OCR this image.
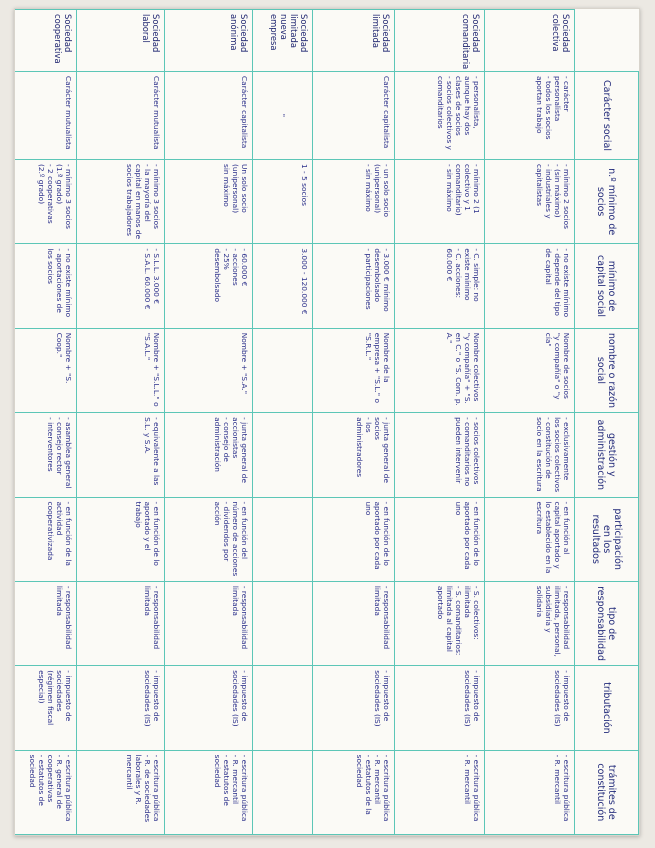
	Carácter social	n.º mínimo de socios	mínimo de capital social	nombre o razón social	gestión y administración	participación en los resultados	tipo de responsabilidad	tributación	trámites de constitución
Sociedad colectiva	- carácter personalista
- todos los socios aportan trabajo	- mínimo 2 socios
- (sin máximo)
- industriales y capitalistas	- no existe mínimo
- depende del tipo de capital	Nombre de socios "y compañía" o "y cía"	- exclusivamente los socios colectivos
- constitución de socio en la escritura	- en función al capital aportado y lo establecido en la escritura	- responsabilidad ilimitada, personal, subsidiaria y solidaria	- impuesto de sociedades (IS)	- escritura pública
- R. mercantil
Sociedad comanditaria	- personalista, aunque hay dos clases de socios
- socios colectivos y comanditarios	- mínimo 2 (1 colectivo y 1 comanditario)
- sin máximo	- C. simple: no existe mínimo
- C. acciones: 60.000 €	Nombre colectivos "y compañía" + "S. en C." o "S. Com. p. A."	- socios colectivos
- comanditarios no pueden intervenir	- en función de lo aportado por cada uno	- S. colectivos: ilimitada
- S. comanditarios: limitada al capital aportado	- impuesto de sociedades (IS)	- escritura pública
- R. mercantil
Sociedad limitada	Carácter capitalista	- un solo socio (unipersonal)
- sin máximo	- 3.000 € mínimo desembolsado
- participaciones	Nombre de la empresa + "S.L." o "S.R.L."	- junta general de socios
- los administradores	- en función de lo aportado por cada uno	- responsabilidad limitada	- impuesto de sociedades (IS)	- escritura pública
- R. mercantil
- estatutos de la sociedad
Sociedad limitada nueva empresa	"	1 - 5 socios	3.000 - 120.000 €						
Sociedad anónima	Carácter capitalista	Un solo socio (unipersonal)
sin máximo	- 60.000 €
- acciones
- 25% desembolsado	Nombre + "S.A."	- junta general de accionistas
- consejo de administración	- en función del número de acciones
- dividendos por acción	- responsabilidad limitada	- impuesto de sociedades (IS)	- escritura pública
- R. mercantil
- estatutos de sociedad
Sociedad laboral	Carácter mutualista	- mínimo 3 socios
- la mayoría del capital en manos de socios trabajadores	- S.L.L. 3.000 €
- S.A.L. 60.000 €	Nombre + "S.L.L." o "S.A.L."	- equivalente a las S.L. y S.A.	- en función de lo aportado y el trabajo	- responsabilidad limitada	- impuesto de sociedades (IS)	- escritura pública
- R. de sociedades laborales y R. mercantil
Sociedad cooperativa	Carácter mutualista	- mínimo 3 socios (1.ª grado)
- 2 cooperativas (2.º grado)	- no existe mínimo
- aportaciones de los socios	Nombre + "S. Coop."	- asamblea general
- consejo rector
- interventores	- en función de la actividad cooperativizada	- responsabilidad limitada	- impuesto de sociedades (régimen fiscal especial)	- escritura pública
- R. general de cooperativas
- estatutos de sociedad
